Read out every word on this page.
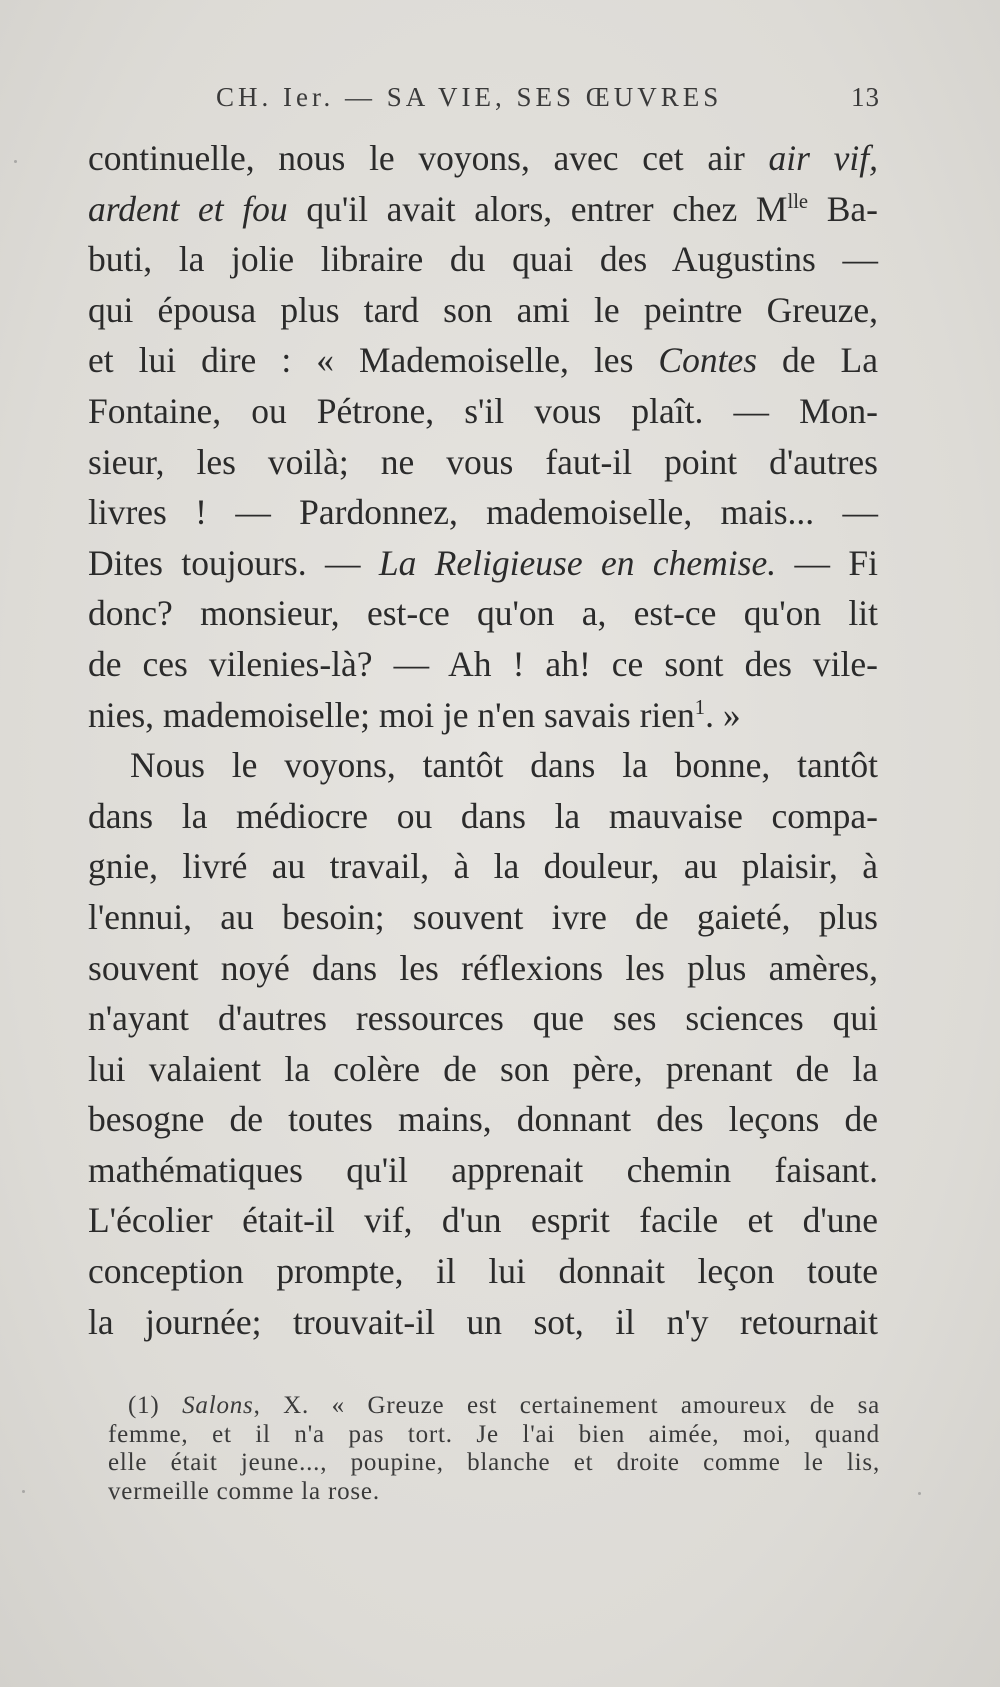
CH. Ier. — SA VIE, SES ŒUVRES	13

continuelle, nous le voyons, avec cet air air vif,
ardent et fou qu'il avait alors, entrer chez $M^{lle}$ Ba-
buti, la jolie libraire du quai des Augustins —
qui épousa plus tard son ami le peintre Greuze,
et lui dire : « Mademoiselle, les Contes de La
Fontaine, ou Pétrone, s'il vous plaît. — Mon-
sieur, les voilà; ne vous faut-il point d'autres
livres ! — Pardonnez, mademoiselle, mais... —
Dites toujours. — La Religieuse en chemise. — Fi
donc? monsieur, est-ce qu'on a, est-ce qu'on lit
de ces vilenies-là? — Ah ! ah! ce sont des vile-
nies, mademoiselle; moi je n'en savais rien$^1$. »

Nous le voyons, tantôt dans la bonne, tantôt
dans la médiocre ou dans la mauvaise compa-
gnie, livré au travail, à la douleur, au plaisir, à
l'ennui, au besoin; souvent ivre de gaieté, plus
souvent noyé dans les réflexions les plus amères,
n'ayant d'autres ressources que ses sciences qui
lui valaient la colère de son père, prenant de la
besogne de toutes mains, donnant des leçons de
mathématiques qu'il apprenait chemin faisant.
L'écolier était-il vif, d'un esprit facile et d'une
conception prompte, il lui donnait leçon toute
la journée; trouvait-il un sot, il n'y retournait

(1) Salons, X. « Greuze est certainement amoureux de sa
femme, et il n'a pas tort. Je l'ai bien aimée, moi, quand
elle était jeune..., poupine, blanche et droite comme le lis,
vermeille comme la rose.
